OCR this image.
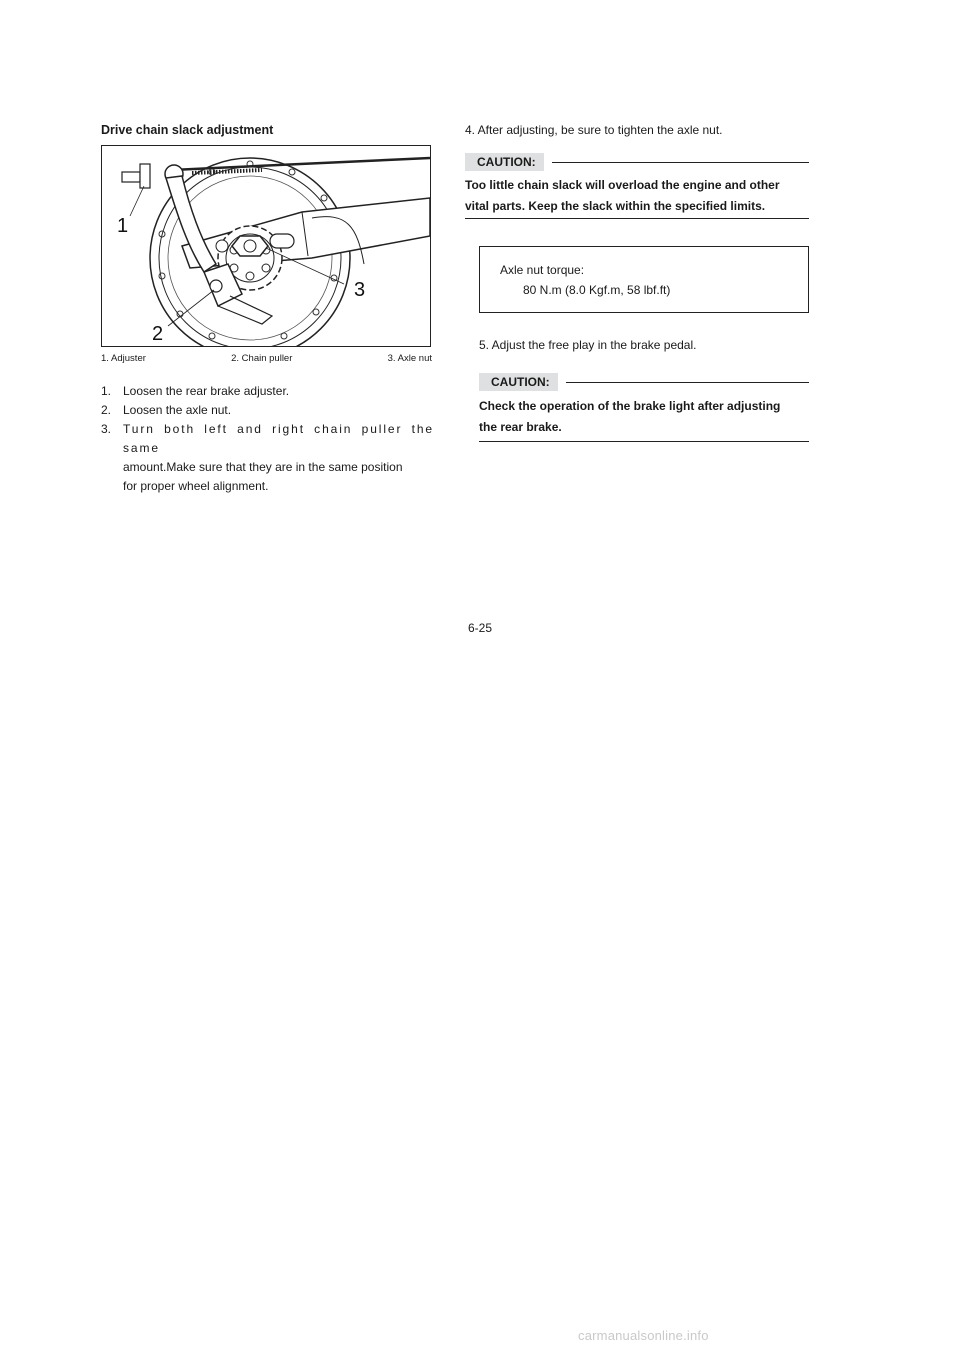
Drive chain slack adjustment
1
2
3
1. Adjuster	2. Chain puller	3. Axle nut
1. Loosen the rear brake adjuster.
2. Loosen the axle nut.
3. Turn both left and right chain puller the same
amount.Make sure that they are in the same position
for proper wheel alignment.
4. After adjusting, be sure to tighten the axle nut.
CAUTION:
Too little chain slack will overload the engine and other
vital parts. Keep the slack within the specified limits.
Axle nut torque:
80 N.m (8.0 Kgf.m, 58 lbf.ft)
5. Adjust the free play in the brake pedal.
CAUTION:
Check the operation of the brake light after adjusting
the rear brake.
6-25
carmanualsonline.info
